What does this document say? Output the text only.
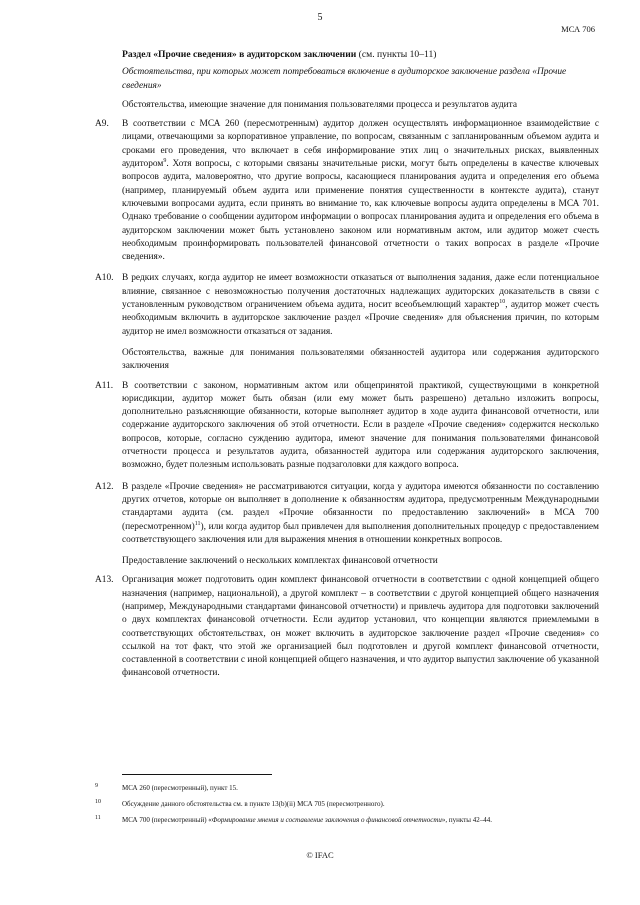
5
МСА 706

Раздел «Прочие сведения» в аудиторском заключении (см. пункты 10–11)

Обстоятельства, при которых может потребоваться включение в аудиторское заключение раздела «Прочие сведения»

Обстоятельства, имеющие значение для понимания пользователями процесса и результатов аудита

A9. В соответствии с МСА 260 (пересмотренным) аудитор должен осуществлять информационное взаимодействие с лицами, отвечающими за корпоративное управление, по вопросам, связанным с запланированным объемом аудита и сроками его проведения, что включает в себя информирование этих лиц о значительных рисках, выявленных аудитором$^9$. Хотя вопросы, с которыми связаны значительные риски, могут быть определены в качестве ключевых вопросов аудита, маловероятно, что другие вопросы, касающиеся планирования аудита и определения его объема (например, планируемый объем аудита или применение понятия существенности в контексте аудита), станут ключевыми вопросами аудита, если принять во внимание то, как ключевые вопросы аудита определены в МСА 701. Однако требование о сообщении аудитором информации о вопросах планирования аудита и определения его объема в аудиторском заключении может быть установлено законом или нормативным актом, или аудитор может счесть необходимым проинформировать пользователей финансовой отчетности о таких вопросах в разделе «Прочие сведения».
A10. В редких случаях, когда аудитор не имеет возможности отказаться от выполнения задания, даже если потенциальное влияние, связанное с невозможностью получения достаточных надлежащих аудиторских доказательств в связи с установленным руководством ограничением объема аудита, носит всеобъемлющий характер$^{10}$, аудитор может счесть необходимым включить в аудиторское заключение раздел «Прочие сведения» для объяснения причин, по которым аудитор не имел возможности отказаться от задания.

Обстоятельства, важные для понимания пользователями обязанностей аудитора или содержания аудиторского заключения

A11. В соответствии с законом, нормативным актом или общепринятой практикой, существующими в конкретной юрисдикции, аудитор может быть обязан (или ему может быть разрешено) детально изложить вопросы, дополнительно разъясняющие обязанности, которые выполняет аудитор в ходе аудита финансовой отчетности, или содержание аудиторского заключения об этой отчетности. Если в разделе «Прочие сведения» содержится несколько вопросов, которые, согласно суждению аудитора, имеют значение для понимания пользователями финансовой отчетности процесса и результатов аудита, обязанностей аудитора или содержания аудиторского заключения, возможно, будет полезным использовать разные подзаголовки для каждого вопроса.
A12. В разделе «Прочие сведения» не рассматриваются ситуации, когда у аудитора имеются обязанности по составлению других отчетов, которые он выполняет в дополнение к обязанностям аудитора, предусмотренным Международными стандартами аудита (см. раздел «Прочие обязанности по предоставлению заключений» в МСА 700 (пересмотренном)$^{11}$), или когда аудитор был привлечен для выполнения дополнительных процедур с предоставлением соответствующего заключения или для выражения мнения в отношении конкретных вопросов.

Предоставление заключений о нескольких комплектах финансовой отчетности

A13. Организация может подготовить один комплект финансовой отчетности в соответствии с одной концепцией общего назначения (например, национальной), а другой комплект – в соответствии с другой концепцией общего назначения (например, Международными стандартами финансовой отчетности) и привлечь аудитора для подготовки заключений о двух комплектах финансовой отчетности. Если аудитор установил, что концепции являются приемлемыми в соответствующих обстоятельствах, он может включить в аудиторское заключение раздел «Прочие сведения» со ссылкой на тот факт, что этой же организацией был подготовлен и другой комплект финансовой отчетности, составленной в соответствии с иной концепцией общего назначения, и что аудитор выпустил заключение об указанной финансовой отчетности.
9	МСА 260 (пересмотренный), пункт 15.
10	Обсуждение данного обстоятельства см. в пункте 13(b)(ii) МСА 705 (пересмотренного).
11	МСА 700 (пересмотренный) «Формирование мнения и составление заключения о финансовой отчетности», пункты 42–44.
© IFAC
